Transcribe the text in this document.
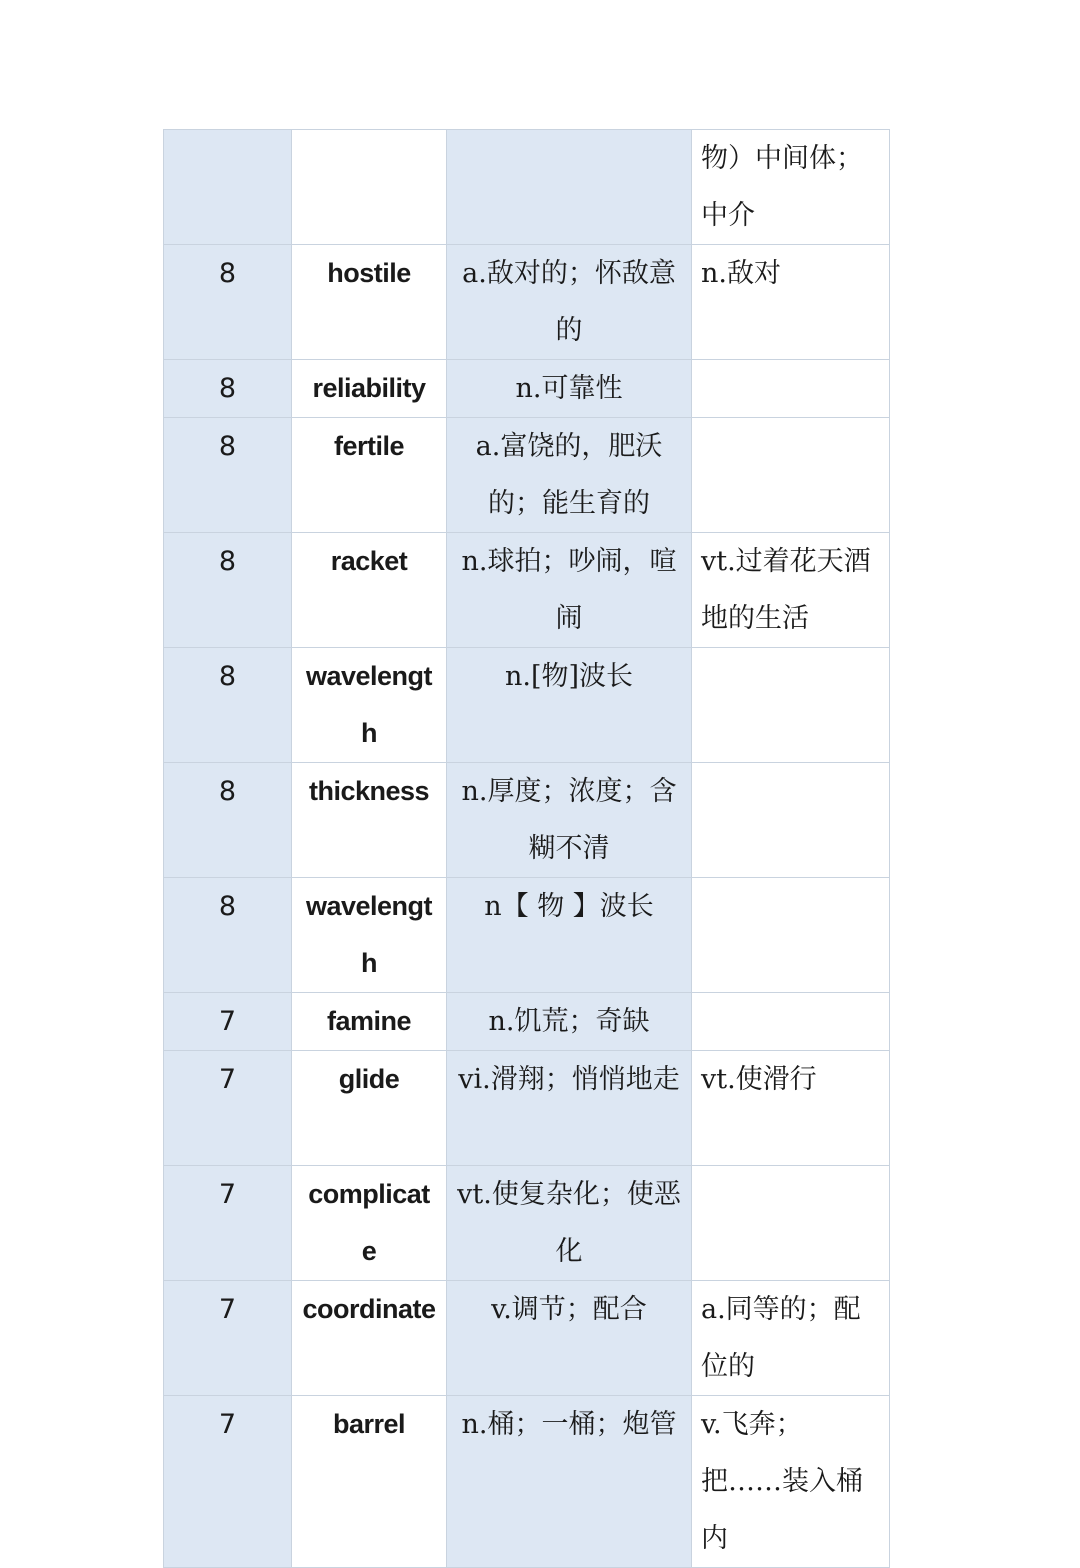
			物）中间体；中介
8	hostile	a.敌对的；怀敌意的	n.敌对
8	reliability	n.可靠性	
8	fertile	a.富饶的，肥沃的；能生育的	
8	racket	n.球拍；吵闹，喧闹	vt.过着花天酒地的生活
8	wavelength	n.[物]波长	
8	thickness	n.厚度；浓度；含糊不清	
8	wavelength	n【 物 】波长	
7	famine	n.饥荒；奇缺	
7	glide	vi.滑翔；悄悄地走	vt.使滑行
7	complicate	vt.使复杂化；使恶化	
7	coordinate	v.调节；配合	a.同等的；配位的
7	barrel	n.桶；一桶；炮管	v.飞奔；把……装入桶内
